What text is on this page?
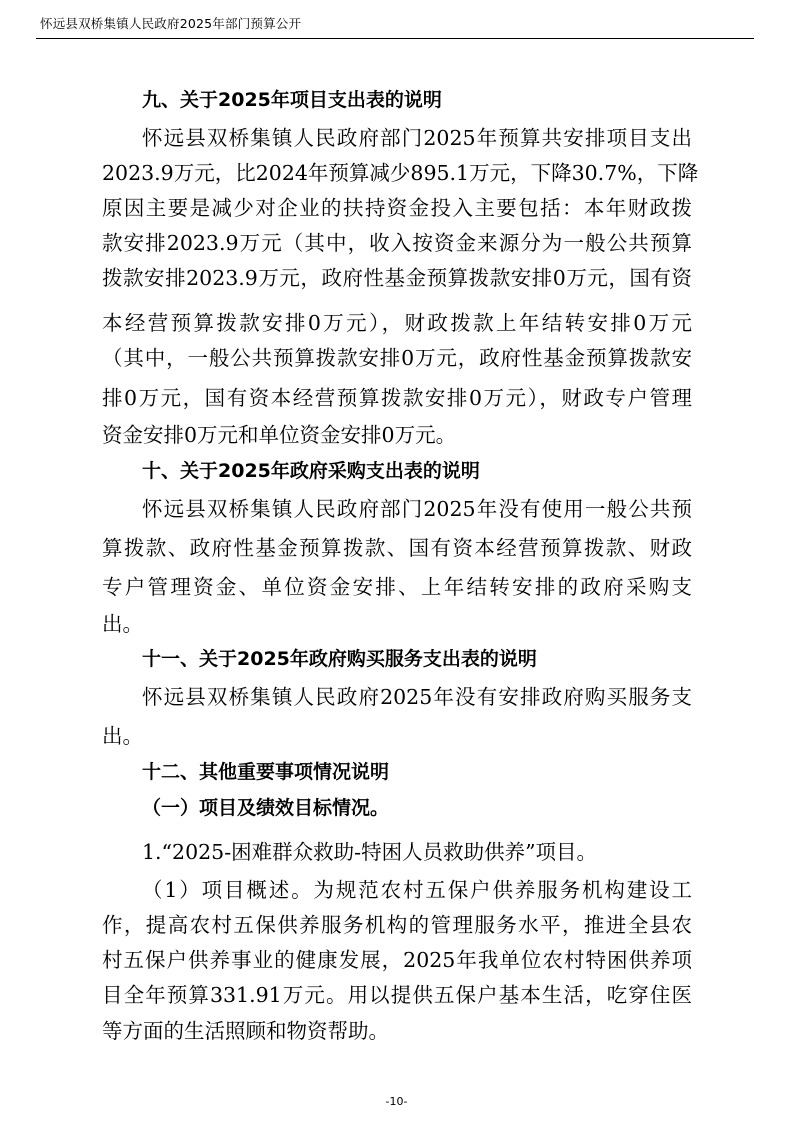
怀远县双桥集镇人民政府2025年部门预算公开
九、关于2025年项目支出表的说明
怀远县双桥集镇人民政府部门2025年预算共安排项目支出
2023.9万元，比2024年预算减少895.1万元，下降30.7%，下降
原因主要是减少对企业的扶持资金投入主要包括：本年财政拨
款安排2023.9万元（其中，收入按资金来源分为一般公共预算
拨款安排2023.9万元，政府性基金预算拨款安排0万元，国有资
本经营预算拨款安排0万元），财政拨款上年结转安排0万元
（其中，一般公共预算拨款安排0万元，政府性基金预算拨款安
排0万元，国有资本经营预算拨款安排0万元），财政专户管理
资金安排0万元和单位资金安排0万元。
十、关于2025年政府采购支出表的说明
怀远县双桥集镇人民政府部门2025年没有使用一般公共预
算拨款、政府性基金预算拨款、国有资本经营预算拨款、财政
专户管理资金、单位资金安排、上年结转安排的政府采购支
出。
十一、关于2025年政府购买服务支出表的说明
怀远县双桥集镇人民政府2025年没有安排政府购买服务支
出。
十二、其他重要事项情况说明
（一）项目及绩效目标情况。
1.“2025-困难群众救助-特困人员救助供养”项目。
（1）项目概述。为规范农村五保户供养服务机构建设工
作，提高农村五保供养服务机构的管理服务水平，推进全县农
村五保户供养事业的健康发展，2025年我单位农村特困供养项
目全年预算331.91万元。用以提供五保户基本生活，吃穿住医
等方面的生活照顾和物资帮助。
-10-
